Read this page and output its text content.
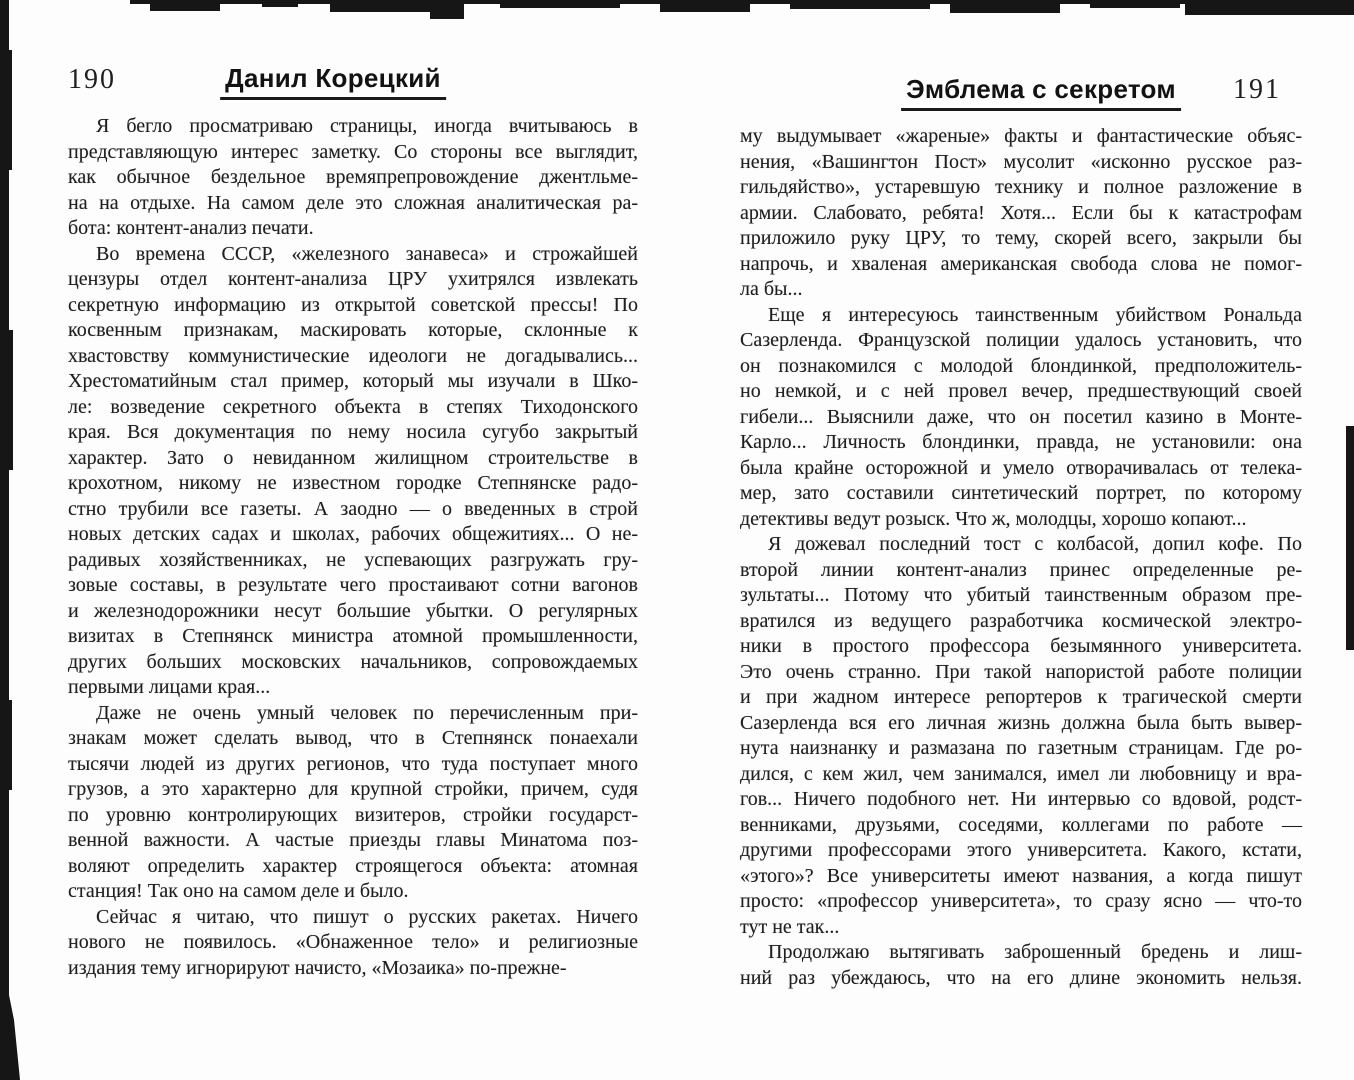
190	Данил Корецкий
Я бегло просматриваю страницы, иногда вчитываюсь в
представляющую интерес заметку. Со стороны все выглядит,
как обычное бездельное времяпрепровождение джентльме-
на на отдыхе. На самом деле это сложная аналитическая ра-
бота: контент-анализ печати.
Во времена СССР, «железного занавеса» и строжайшей
цензуры отдел контент-анализа ЦРУ ухитрялся извлекать
секретную информацию из открытой советской прессы! По
косвенным признакам, маскировать которые, склонные к
хвастовству коммунистические идеологи не догадывались...
Хрестоматийным стал пример, который мы изучали в Шко-
ле: возведение секретного объекта в степях Тиходонского
края. Вся документация по нему носила сугубо закрытый
характер. Зато о невиданном жилищном строительстве в
крохотном, никому не известном городке Степнянске радо-
стно трубили все газеты. А заодно — о введенных в строй
новых детских садах и школах, рабочих общежитиях... О не-
радивых хозяйственниках, не успевающих разгружать гру-
зовые составы, в результате чего простаивают сотни вагонов
и железнодорожники несут большие убытки. О регулярных
визитах в Степнянск министра атомной промышленности,
других больших московских начальников, сопровождаемых
первыми лицами края...
Даже не очень умный человек по перечисленным при-
знакам может сделать вывод, что в Степнянск понаехали
тысячи людей из других регионов, что туда поступает много
грузов, а это характерно для крупной стройки, причем, судя
по уровню контролирующих визитеров, стройки государст-
венной важности. А частые приезды главы Минатома поз-
воляют определить характер строящегося объекта: атомная
станция! Так оно на самом деле и было.
Сейчас я читаю, что пишут о русских ракетах. Ничего
нового не появилось. «Обнаженное тело» и религиозные
издания тему игнорируют начисто, «Мозаика» по-прежне-
Эмблема с секретом 191
му выдумывает «жареные» факты и фантастические объяс-
нения, «Вашингтон Пост» мусолит «исконно русское раз-
гильдяйство», устаревшую технику и полное разложение в
армии. Слабовато, ребята! Хотя... Если бы к катастрофам
приложило руку ЦРУ, то тему, скорей всего, закрыли бы
напрочь, и хваленая американская свобода слова не помог-
ла бы...
Еще я интересуюсь таинственным убийством Рональда
Сазерленда. Французской полиции удалось установить, что
он познакомился с молодой блондинкой, предположитель-
но немкой, и с ней провел вечер, предшествующий своей
гибели... Выяснили даже, что он посетил казино в Монте-
Карло... Личность блондинки, правда, не установили: она
была крайне осторожной и умело отворачивалась от телека-
мер, зато составили синтетический портрет, по которому
детективы ведут розыск. Что ж, молодцы, хорошо копают...
Я дожевал последний тост с колбасой, допил кофе. По
второй линии контент-анализ принес определенные ре-
зультаты... Потому что убитый таинственным образом пре-
вратился из ведущего разработчика космической электро-
ники в простого профессора безымянного университета.
Это очень странно. При такой напористой работе полиции
и при жадном интересе репортеров к трагической смерти
Сазерленда вся его личная жизнь должна была быть вывер-
нута наизнанку и размазана по газетным страницам. Где ро-
дился, с кем жил, чем занимался, имел ли любовницу и вра-
гов... Ничего подобного нет. Ни интервью со вдовой, родст-
венниками, друзьями, соседями, коллегами по работе —
другими профессорами этого университета. Какого, кстати,
«этого»? Все университеты имеют названия, а когда пишут
просто: «профессор университета», то сразу ясно — что-то
тут не так...
Продолжаю вытягивать заброшенный бредень и лиш-
ний раз убеждаюсь, что на его длине экономить нельзя.
